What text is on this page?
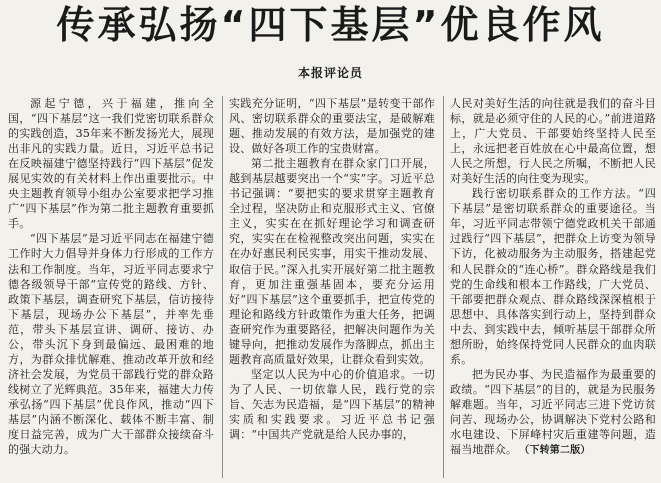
传承弘扬“四下基层”优良作风
本报评论员

源起宁德，兴于福建，推向全国，“四下基层”这一我们党密切联系群众的实践创造，35年来不断发扬光大，展现出非凡的实践力量。近日，习近平总书记在反映福建宁德坚持践行“四下基层”促发展见实效的有关材料上作出重要批示。中央主题教育领导小组办公室要求把学习推广“四下基层”作为第二批主题教育重要抓手。

“四下基层”是习近平同志在福建宁德工作时大力倡导并身体力行形成的工作方法和工作制度。当年，习近平同志要求宁德各级领导干部“宣传党的路线、方针、政策下基层，调查研究下基层，信访接待下基层，现场办公下基层”，并率先垂范，带头下基层宣讲、调研、接访、办公，带头沉下身到最偏远、最困难的地方，为群众排忧解难、推动改革开放和经济社会发展，为党员干部践行党的群众路线树立了光辉典范。35年来，福建大力传承弘扬“四下基层”优良作风，推动“四下基层”内涵不断深化、载体不断丰富、制度日益完善，成为广大干部群众接续奋斗的强大动力。

实践充分证明，“四下基层”是转变干部作风、密切联系群众的重要法宝，是破解难题、推动发展的有效方法，是加强党的建设、做好各项工作的宝贵财富。

第二批主题教育在群众家门口开展，越到基层越要突出一个“实”字。习近平总书记强调：“要把实的要求贯穿主题教育全过程，坚决防止和克服形式主义、官僚主义，实实在在抓好理论学习和调查研究，实实在在检视整改突出问题，实实在在办好惠民利民实事，用实干推动发展、取信于民。”深入扎实开展好第二批主题教育，更加注重强基固本，要充分运用好“四下基层”这个重要抓手，把宣传党的理论和路线方针政策作为重大任务，把调查研究作为重要路径，把解决问题作为关键导向，把推动发展作为落脚点，抓出主题教育高质量好效果，让群众看到实效。

坚定以人民为中心的价值追求。一切为了人民、一切依靠人民，践行党的宗旨、矢志为民造福，是“四下基层”的精神实质和实践要求。习近平总书记强调：“中国共产党就是给人民办事的，

人民对美好生活的向往就是我们的奋斗目标，就是必须守住的人民的心。”前进道路上，广大党员、干部要始终坚持人民至上，永远把老百姓放在心中最高位置，想人民之所想，行人民之所嘱，不断把人民对美好生活的向往变为现实。

践行密切联系群众的工作方法。“四下基层”是密切联系群众的重要途径。当年，习近平同志带领宁德党政机关干部通过践行“四下基层”，把群众上访变为领导下访，化被动服务为主动服务，搭建起党和人民群众的“连心桥”。群众路线是我们党的生命线和根本工作路线，广大党员、干部要把群众观点、群众路线深深植根于思想中、具体落实到行动上，坚持到群众中去、到实践中去，倾听基层干部群众所想所盼，始终保持党同人民群众的血肉联系。

把为民办事、为民造福作为最重要的政绩。“四下基层”的目的，就是为民服务解难题。当年，习近平同志三进下党访贫问苦、现场办公，协调解决下党村公路和水电建设、下屏峰村灾后重建等问题，造福当地群众。 （下转第二版）
